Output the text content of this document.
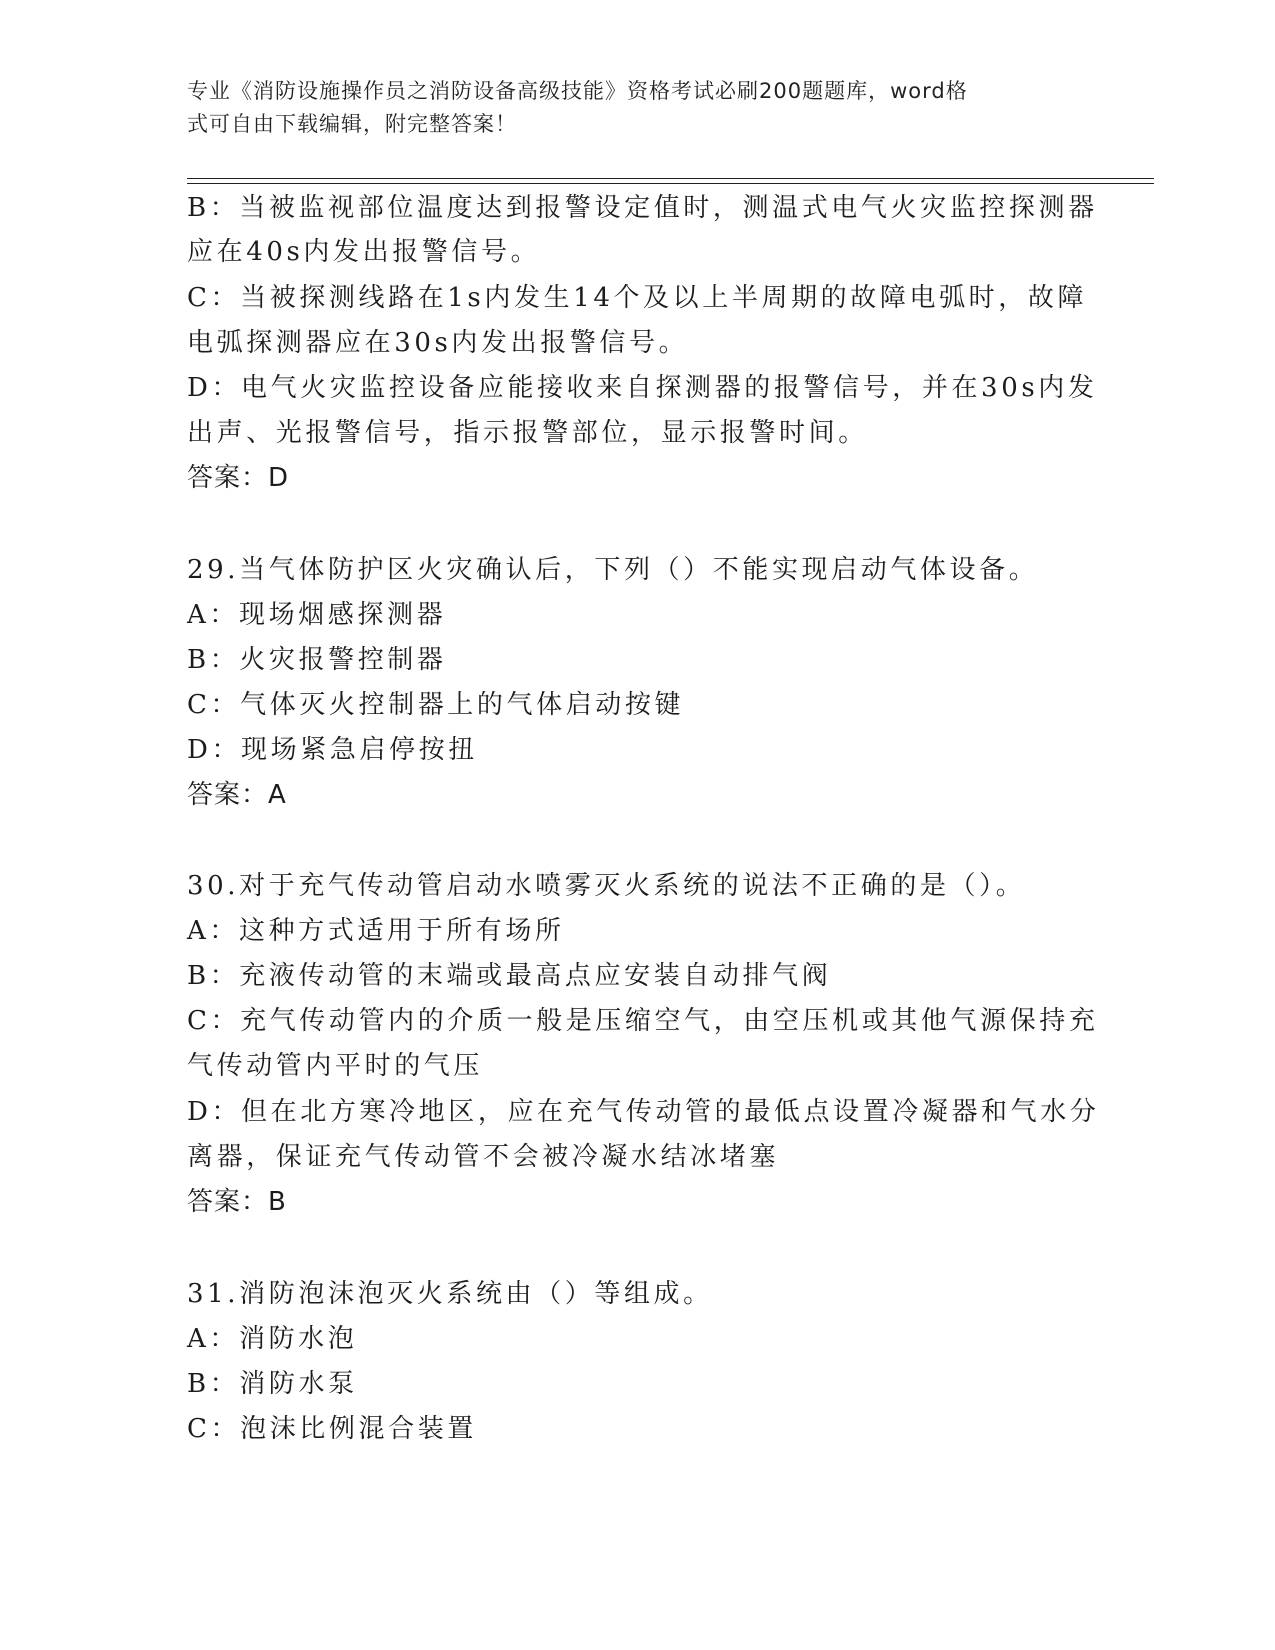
专业《消防设施操作员之消防设备高级技能》资格考试必刷200题题库，word格
式可自由下载编辑，附完整答案！
B：当被监视部位温度达到报警设定值时，测温式电气火灾监控探测器
应在40s内发出报警信号。
C：当被探测线路在1s内发生14个及以上半周期的故障电弧时，故障
电弧探测器应在30s内发出报警信号。
D：电气火灾监控设备应能接收来自探测器的报警信号，并在30s内发
出声、光报警信号，指示报警部位，显示报警时间。
答案：D
29.当气体防护区火灾确认后，下列（）不能实现启动气体设备。
A：现场烟感探测器
B：火灾报警控制器
C：气体灭火控制器上的气体启动按键
D：现场紧急启停按扭
答案：A
30.对于充气传动管启动水喷雾灭火系统的说法不正确的是（）。
A：这种方式适用于所有场所
B：充液传动管的末端或最高点应安装自动排气阀
C：充气传动管内的介质一般是压缩空气，由空压机或其他气源保持充
气传动管内平时的气压
D：但在北方寒冷地区，应在充气传动管的最低点设置冷凝器和气水分
离器，保证充气传动管不会被冷凝水结冰堵塞
答案：B
31.消防泡沫泡灭火系统由（）等组成。
A：消防水泡
B：消防水泵
C：泡沫比例混合装置
